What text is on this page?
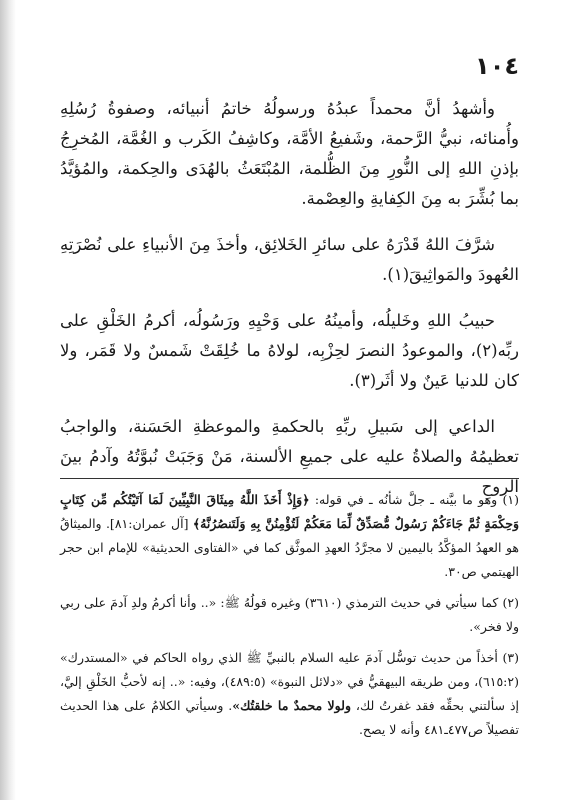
١٠٤

وأشهدُ أنَّ محمداً عبدُهُ ورسولُهُ خاتمُ أنبيائه، وصفوةُ رُسُلِهِ وأُمنائه، نبيُّ الرَّحمة، وشَفيعُ الأمَّة، وكاشِفُ الكَرب و الغُمَّة، المُخرِجُ بإذنِ اللهِ إلى النُّورِ مِنَ الظُّلمة، المُبْتَعَثُ بالهُدَى والحِكمة، والمُؤيَّدُ بما بُشِّرَ به مِنَ الكِفايةِ والعِصْمة.

شرَّفَ اللهُ قَدْرَهُ على سائرِ الخَلائِق، وأخذَ مِنَ الأنبياءِ على نُصْرَتِهِ العُهودَ والمَواثِيقَ(١).

حبيبُ اللهِ وخَليلُه، وأمينُهُ على وَحْيِهِ ورَسُولُه، أكرمُ الخَلْقِ على ربِّه(٢)، والموعودُ النصرَ لحِزْبِه، لولاهُ ما خُلِقَتْ شَمسٌ ولا قَمَر، ولا كان للدنيا عَينٌ ولا أثَر(٣).

الداعي إلى سَبيلِ ربِّهِ بالحكمةِ والموعظةِ الحَسَنة، والواجبُ تعظيمُهُ والصلاةُ عليه على جميعِ الألسنة، مَنْ وَجَبَتْ نُبوَّتُهُ وآدمُ بينَ الروحِ

(١) وهو ما بيَّنه ـ جلَّ شأنُه ـ في قوله: ﴿وَإِذْ أَخَذَ اللَّهُ مِيثَاقَ النَّبِيِّينَ لَمَا آتَيْتُكُم مِّن كِتَابٍ وَحِكْمَةٍ ثُمَّ جَاءَكُمْ رَسُولٌ مُّصَدِّقٌ لِّمَا مَعَكُمْ لَتُؤْمِنُنَّ بِهِ وَلَتَنصُرُنَّهُ﴾ [آل عمران:٨١]. والميثاقُ هو العهدُ المؤكَّدُ باليمين لا مجرَّدُ العهدِ الموثَّق كما في «الفتاوى الحديثية» للإمام ابن حجر الهيتمي ص٣٠.
(٢) كما سيأتي في حديث الترمذي (٣٦١٠) وغيره قولُهُ ﷺ: «.. وأنا أكرمُ ولدِ آدمَ على ربي ولا فخر».
(٣) أخذاً من حديث توسُّل آدمَ عليه السلام بالنبيِّ ﷺ الذي رواه الحاكم في «المستدرك» (٦١٥:٢)، ومن طريقه البيهقيُّ في «دلائل النبوة» (٤٨٩:٥)، وفيه: «.. إنه لأحبُّ الخَلْقِ إليَّ، إذ سألتني بحقِّه فقد غفرتُ لك، ولولا محمدٌ ما خلقتُك». وسيأتي الكلامُ على هذا الحديث تفصيلاً ص٤٧٧ـ٤٨١ وأنه لا يصح.
